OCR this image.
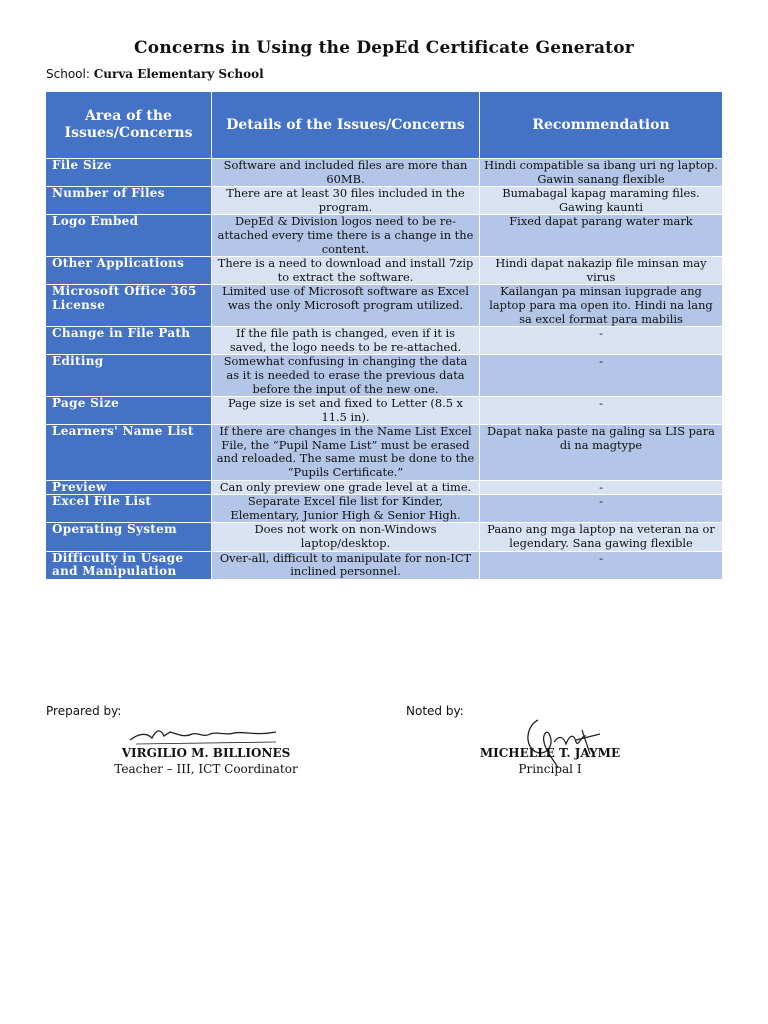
Concerns in Using the DepEd Certificate Generator
School: Curva Elementary School
Area of the Issues/Concerns	Details of the Issues/Concerns	Recommendation
File Size	Software and included files are more than 60MB.	Hindi compatible sa ibang uri ng laptop. Gawin sanang flexible
Number of Files	There are at least 30 files included in the program.	Bumabagal kapag maraming files. Gawing kaunti
Logo Embed	DepEd & Division logos need to be re-attached every time there is a change in the content.	Fixed dapat parang water mark
Other Applications	There is a need to download and install 7zip to extract the software.	Hindi dapat nakazip file minsan may virus
Microsoft Office 365 License	Limited use of Microsoft software as Excel was the only Microsoft program utilized.	Kailangan pa minsan iupgrade ang laptop para ma open ito. Hindi na lang sa excel format para mabilis
Change in File Path	If the file path is changed, even if it is saved, the logo needs to be re-attached.	-
Editing	Somewhat confusing in changing the data as it is needed to erase the previous data before the input of the new one.	-
Page Size	Page size is set and fixed to Letter (8.5 x 11.5 in).	-
Learners' Name List	If there are changes in the Name List Excel File, the “Pupil Name List” must be erased and reloaded. The same must be done to the “Pupils Certificate.”	Dapat naka paste na galing sa LIS para di na magtype
Preview	Can only preview one grade level at a time.	-
Excel File List	Separate Excel file list for Kinder, Elementary, Junior High & Senior High.	-
Operating System	Does not work on non-Windows laptop/desktop.	Paano ang mga laptop na veteran na or legendary. Sana gawing flexible
Difficulty in Usage and Manipulation	Over-all, difficult to manipulate for non-ICT inclined personnel.	-
Prepared by:	Noted by:
VIRGILIO M. BILLIONES
Teacher – III, ICT Coordinator
MICHELLE T. JAYME
Principal I
